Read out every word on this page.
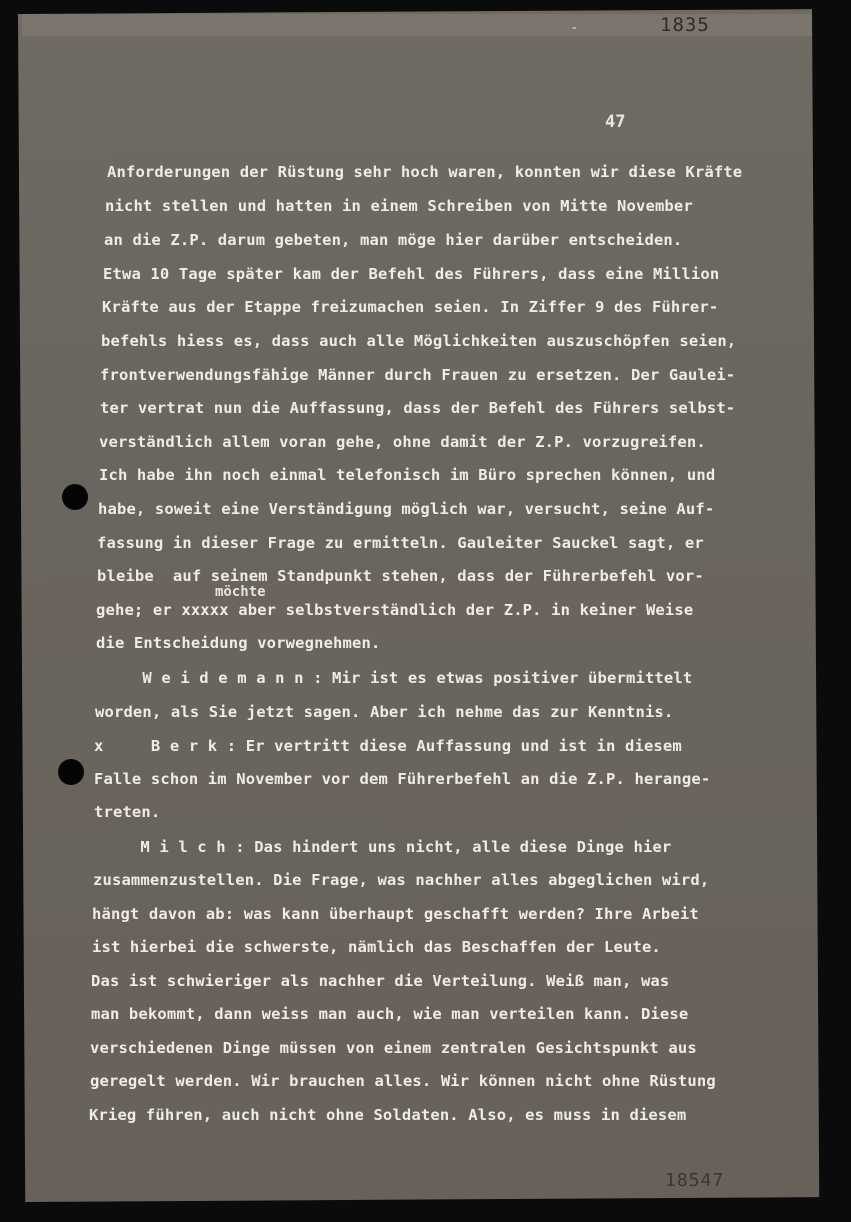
-	1835
47

Anforderungen der Rüstung sehr hoch waren, konnten wir diese Kräfte

nicht stellen und hatten in einem Schreiben von Mitte November

an die Z.P. darum gebeten, man möge hier darüber entscheiden.

Etwa 10 Tage später kam der Befehl des Führers, dass eine Million

Kräfte aus der Etappe freizumachen seien. In Ziffer 9 des Führer-

befehls hiess es, dass auch alle Möglichkeiten auszuschöpfen seien,

frontverwendungsfähige Männer durch Frauen zu ersetzen. Der Gaulei-

ter vertrat nun die Auffassung, dass der Befehl des Führers selbst-

verständlich allem voran gehe, ohne damit der Z.P. vorzugreifen.

Ich habe ihn noch einmal telefonisch im Büro sprechen können, und

habe, soweit eine Verständigung möglich war, versucht, seine Auf-

fassung in dieser Frage zu ermitteln. Gauleiter Sauckel sagt, er

bleibe  auf seinem Standpunkt stehen, dass der Führerbefehl vor-

gehe; er xxxxx aber selbstverständlich der Z.P. in keiner Weise

die Entscheidung vorwegnehmen.

W e i d e m a n n : Mir ist es etwas positiver übermittelt

worden, als Sie jetzt sagen. Aber ich nehme das zur Kenntnis.

x     B e r k : Er vertritt diese Auffassung und ist in diesem

Falle schon im November vor dem Führerbefehl an die Z.P. herange-

treten.

M i l c h : Das hindert uns nicht, alle diese Dinge hier

zusammenzustellen. Die Frage, was nachher alles abgeglichen wird,

hängt davon ab: was kann überhaupt geschafft werden? Ihre Arbeit

ist hierbei die schwerste, nämlich das Beschaffen der Leute.

Das ist schwieriger als nachher die Verteilung. Weiß man, was

man bekommt, dann weiss man auch, wie man verteilen kann. Diese

verschiedenen Dinge müssen von einem zentralen Gesichtspunkt aus

geregelt werden. Wir brauchen alles. Wir können nicht ohne Rüstung

Krieg führen, auch nicht ohne Soldaten. Also, es muss in diesem

möchte
18547
